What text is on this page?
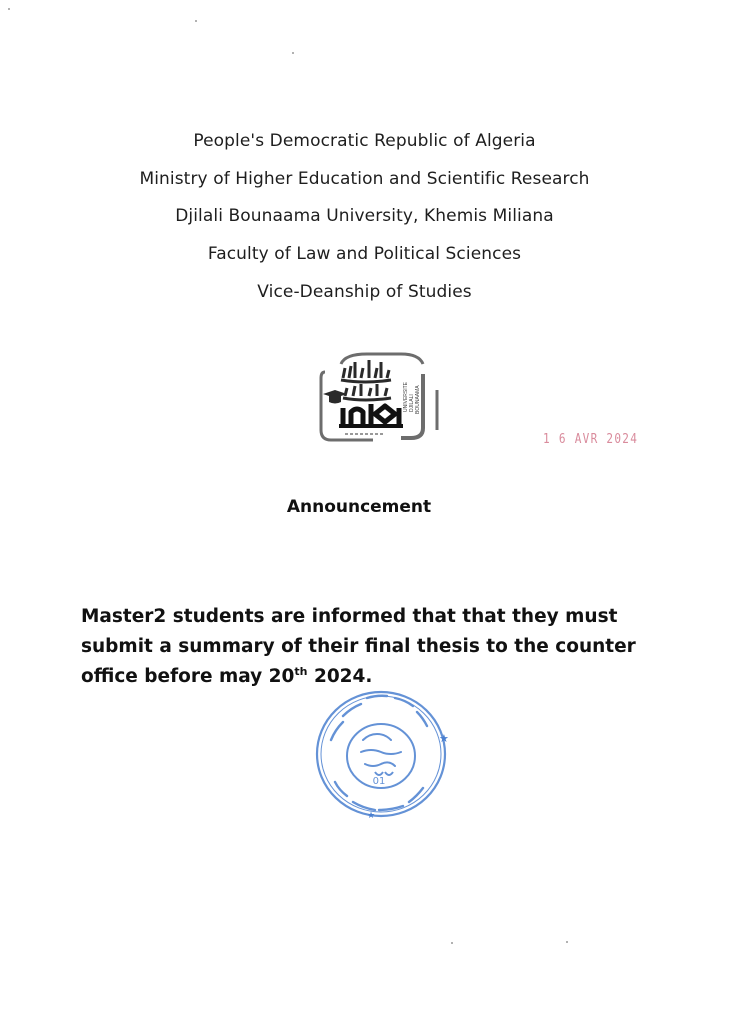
People's Democratic Republic of Algeria
Ministry of Higher Education and Scientific Research
Djilali Bounaama University, Khemis Miliana
Faculty of Law and Political Sciences
Vice-Deanship of Studies
UNIVERSITE DJILALI BOUNAAMA
1 6 AVR 2024
Announcement
Master2 students are informed that that they must submit a summary of their final thesis to the counter office before may 20th 2024.
01
★
★
